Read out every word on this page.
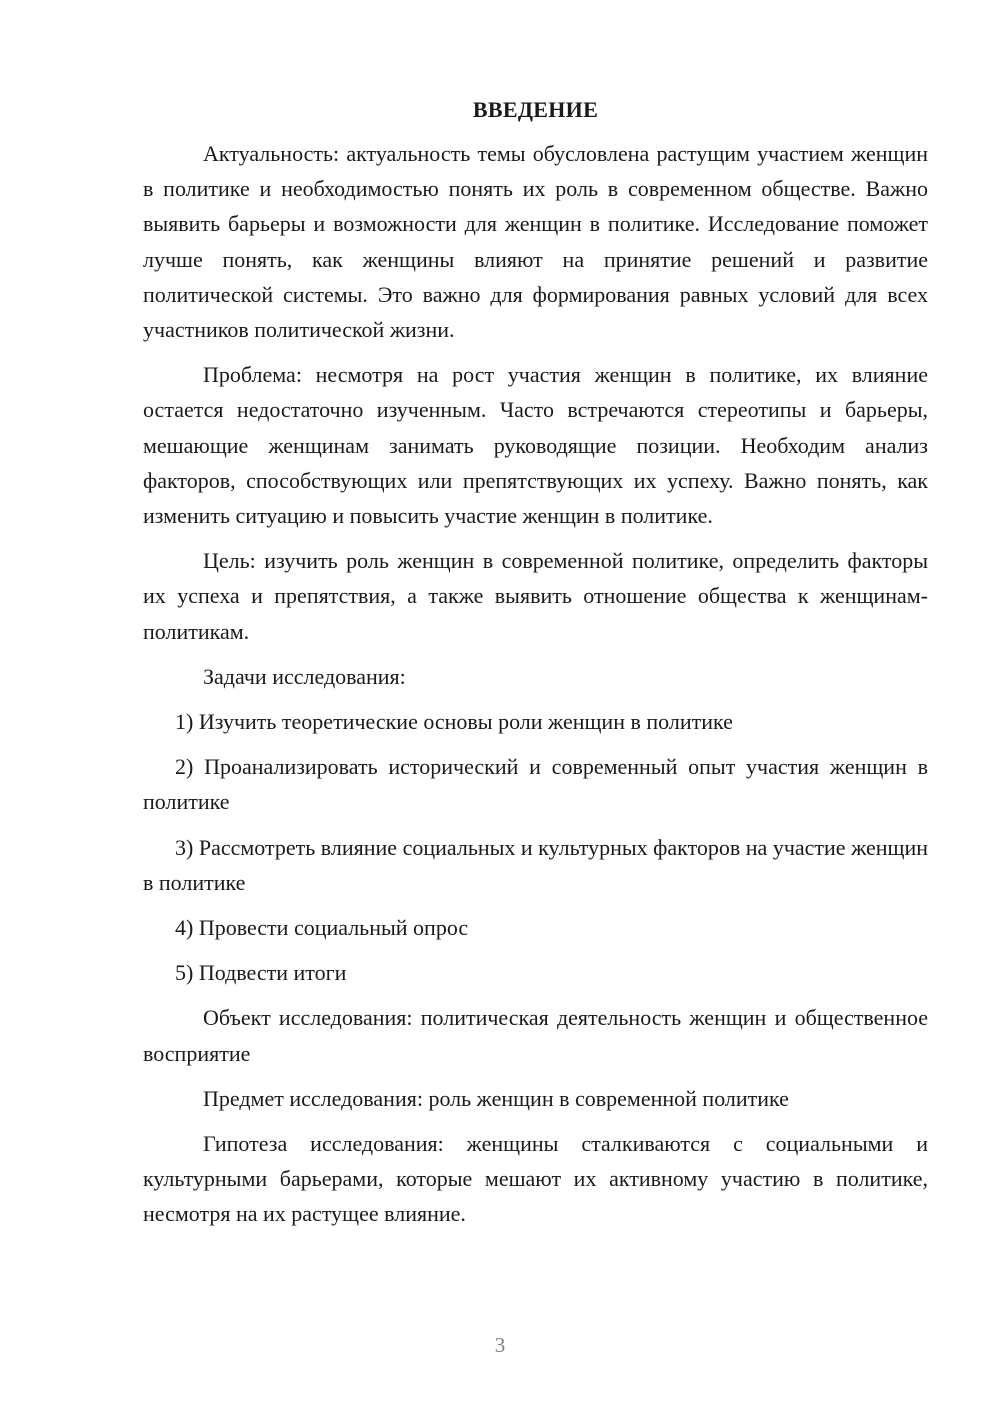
ВВЕДЕНИЕ

Актуальность: актуальность темы обусловлена растущим участием женщин в политике и необходимостью понять их роль в современном обществе. Важно выявить барьеры и возможности для женщин в политике. Исследование поможет лучше понять, как женщины влияют на принятие решений и развитие политической системы. Это важно для формирования равных условий для всех участников политической жизни.

Проблема: несмотря на рост участия женщин в политике, их влияние остается недостаточно изученным. Часто встречаются стереотипы и барьеры, мешающие женщинам занимать руководящие позиции. Необходим анализ факторов, способствующих или препятствующих их успеху. Важно понять, как изменить ситуацию и повысить участие женщин в политике.

Цель: изучить роль женщин в современной политике, определить факторы их успеха и препятствия, а также выявить отношение общества к женщинам-политикам.

Задачи исследования:

1) Изучить теоретические основы роли женщин в политике

2) Проанализировать исторический и современный опыт участия женщин в политике

3) Рассмотреть влияние социальных и культурных факторов на участие женщин в политике

4) Провести социальный опрос

5) Подвести итоги

Объект исследования: политическая деятельность женщин и общественное восприятие

Предмет исследования: роль женщин в современной политике

Гипотеза исследования: женщины сталкиваются с социальными и культурными барьерами, которые мешают их активному участию в политике, несмотря на их растущее влияние.

3
